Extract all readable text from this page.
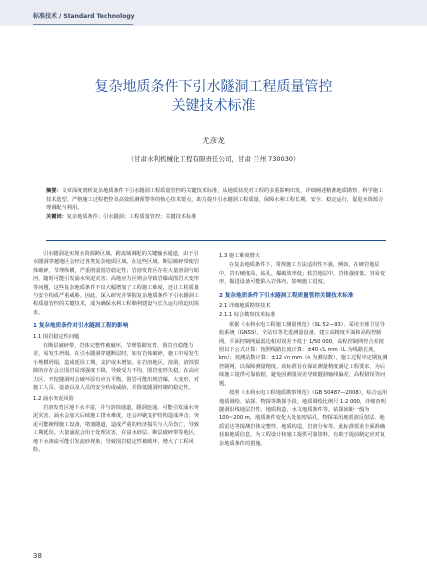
标准技术 / Standard Technology
复杂地质条件下引水隧洞工程质量管控
关键技术标准
尤彦龙
（甘肃水利机械化工程有限责任公司，甘肃 兰州 730030）
摘要：文章深度剖析复杂地质条件下引水隧洞工程质量管控的关键技术标准，从地质状况对工程的多重影响出发，详细阐述精准地质勘察、科学施工技术选型、严格施工过程把控及高效监测预警等的核心技术要点，助力提升引水隧洞工程质量，保障水利工程长期、安全、稳定运行，促进水资源合理调配与利用。
关键词：复杂地质条件；引水隧洞；工程质量管控；关键技术标准

引水隧洞是实现水资源跨区域、跨流域调配的关键输水通道，由于引水隧洞穿越地区会经过各类复杂地质区域，在这些区域，断层破碎带使岩体破碎，节理纵横，严重削弱围岩稳定性；岩溶发育区存在大量溶洞与暗河，随时可能引发涌水突泥灾害；高地应力区则会导致岩爆或围岩大变形等问题，这些复杂地质条件不仅大幅增加了工程施工难度，还让工程质量与安全构成严重威胁。因此，深入研究并掌握复杂地质条件下引水隧洞工程质量管控的关键技术，成为确保水利工程顺利建设与长久运行的迫切需求。

1 复杂地质条件对引水隧洞工程的影响
1.1 围岩稳定性问题

在断层破碎带，岩体完整性被破坏，节理裂隙发育，围岩自稳能力差，易发生坍塌。在引水隧洞穿越断层时，如有岩体破碎，施工中易发生小规模坍塌，造成延误工期，支护或未增加。在岩溶地区，溶洞、溶蚀裂隙的存在会让围岩局部强度下降，导致受力不均，围岩变形失稳。在高应力区，开挖隧洞时会破坏原有应力平衡，围岩可能出现岩爆，大变形，对施工人员、设备以及人员的安全构成威胁，并降低隧洞衬砌的稳定性。

1.2 涌水突泥风险

岩溶发育区地下水丰富，并与溶蚀通道，隧洞连通，可能引发涌水突泥灾害。涌水会加大后续施工排水难度，还会冲刷支护结构造成冲击；突泥可能掩埋施工设备，堵塞隧道，造成严重的经济损失与人员伤亡，导致工期延误。大量涌泥会用于处理灾害，在富水砂层、断层破碎带等地区，地下水渗流可能引发流砂现象，导致围岩稳定性被破坏，增大了工程风险。

1.3 施工难度增大

在复杂地质条件下，常规施工方法适用性不强，例如，在硬岩地层中，岩石硬度高，钻孔、爆破效率低；软岩地层中，岩体强度低、容易变形，掘进设备可能陷入岩体内，影响施工进度。

2 复杂地质条件下引水隧洞工程质量管控关键技术标准
2.1 详细地质勘察技术
2.1.1 综合勘察技术标准

依据《水利水电工程施工测量规范》（SL 52—93），采用全球卫星导航系统（GNSS），全站仪等先进测量设备，建立高精度平面和高程控制网。平面控制网最弱边相对误差不低于 1/50 000，高程控制网符合差按照以下公式计算：按照线路长度计算：±40 √L mm（L 为线路长度，km）；按测站数计算：±12 √n mm（n 为测站数），施工过程中定期复测控制网，以保障测量精度。该标准旨在保证测量精度满足工程要求，为后续施工提供可靠依据，避免因测量误差导致隧洞轴线偏差，高程错误等问题。

按照《水利水电工程地质勘察规范》（GB 50487—2008），综合运用地质调绘、钻探、物探等勘探手段。地质调绘比例尺 1:2 000，详细查明隧洞沿线地层岩性、地质构造、水文地质条件等。钻探间距一般为 100~200 m，地质条件变化大处加密钻孔，物探采用地震波反射法、地质雷达等探测岩体完整性、地质构造、岩溶分布等。此标准要求全面准确获取地质信息，为工程设计和施工提供可靠资料，有助于提前制定应对复杂地质条件的措施。

38
